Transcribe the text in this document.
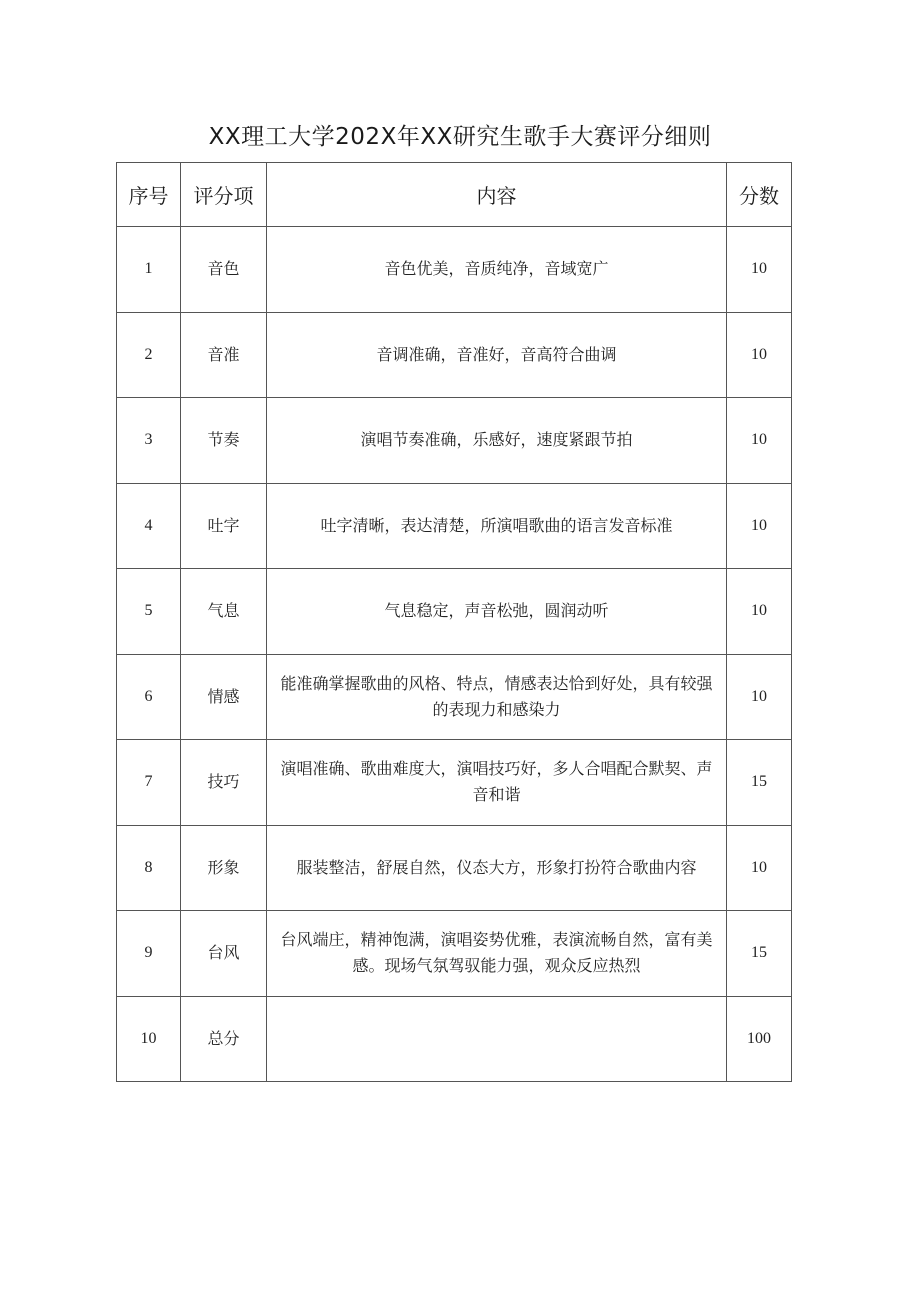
XX理工大学202X年XX研究生歌手大赛评分细则
序号	评分项	内容	分数
1	音色	音色优美，音质纯净，音域宽广	10
2	音准	音调准确，音准好，音高符合曲调	10
3	节奏	演唱节奏准确，乐感好，速度紧跟节拍	10
4	吐字	吐字清晰，表达清楚，所演唱歌曲的语言发音标准	10
5	气息	气息稳定，声音松弛，圆润动听	10
6	情感	能准确掌握歌曲的风格、特点，情感表达恰到好处，具有较强的表现力和感染力	10
7	技巧	演唱准确、歌曲难度大，演唱技巧好，多人合唱配合默契、声音和谐	15
8	形象	服装整洁，舒展自然，仪态大方，形象打扮符合歌曲内容	10
9	台风	台风端庄，精神饱满，演唱姿势优雅，表演流畅自然，富有美感。现场气氛驾驭能力强，观众反应热烈	15
10	总分		100
